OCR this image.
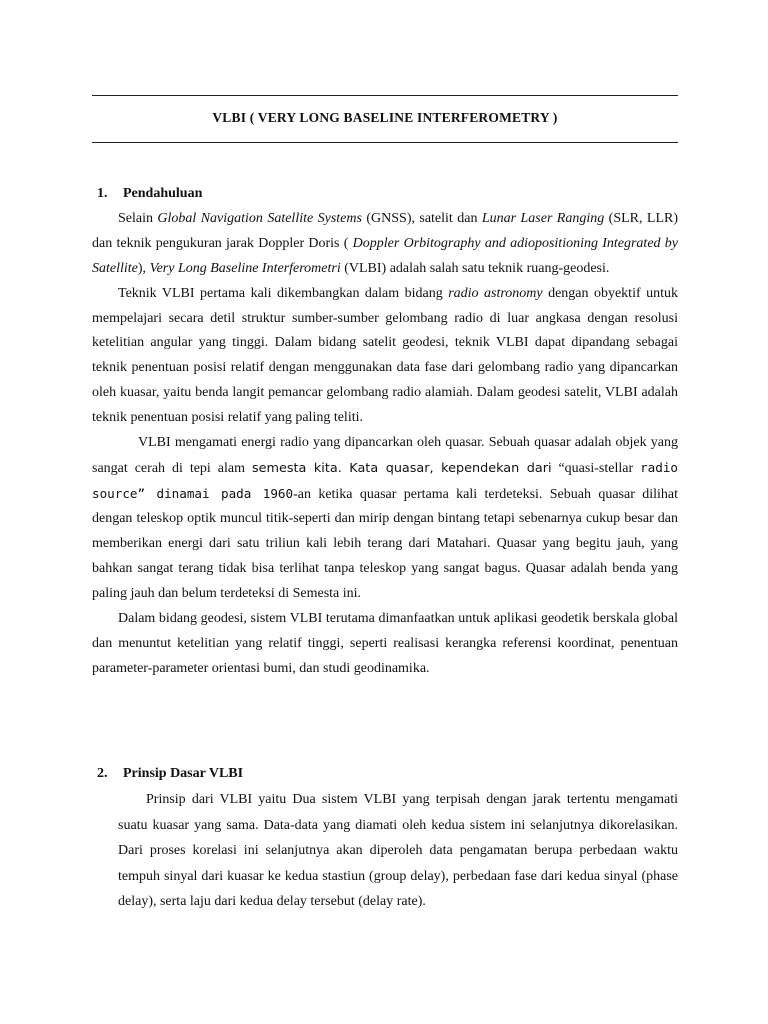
VLBI ( VERY LONG BASELINE INTERFEROMETRY )
1. Pendahuluan

Selain Global Navigation Satellite Systems (GNSS), satelit dan Lunar Laser Ranging (SLR, LLR) dan teknik pengukuran jarak Doppler Doris ( Doppler Orbitography and adiopositioning Integrated by Satellite), Very Long Baseline Interferometri (VLBI) adalah salah satu teknik ruang-geodesi.

Teknik VLBI pertama kali dikembangkan dalam bidang radio astronomy dengan obyektif untuk mempelajari secara detil struktur sumber-sumber gelombang radio di luar angkasa dengan resolusi ketelitian angular yang tinggi. Dalam bidang satelit geodesi, teknik VLBI dapat dipandang sebagai teknik penentuan posisi relatif dengan menggunakan data fase dari gelombang radio yang dipancarkan oleh kuasar, yaitu benda langit pemancar gelombang radio alamiah. Dalam geodesi satelit, VLBI adalah teknik penentuan posisi relatif yang paling teliti.

VLBI mengamati energi radio yang dipancarkan oleh quasar. Sebuah quasar adalah objek yang sangat cerah di tepi alam semesta kita. Kata quasar, kependekan dari “quasi-stellar radio source” dinamai pada 1960-an ketika quasar pertama kali terdeteksi. Sebuah quasar dilihat dengan teleskop optik muncul titik-seperti dan mirip dengan bintang tetapi sebenarnya cukup besar dan memberikan energi dari satu triliun kali lebih terang dari Matahari. Quasar yang begitu jauh, yang bahkan sangat terang tidak bisa terlihat tanpa teleskop yang sangat bagus. Quasar adalah benda yang paling jauh dan belum terdeteksi di Semesta ini.

Dalam bidang geodesi, sistem VLBI terutama dimanfaatkan untuk aplikasi geodetik berskala global dan menuntut ketelitian yang relatif tinggi, seperti realisasi kerangka referensi koordinat, penentuan parameter-parameter orientasi bumi, dan studi geodinamika.

2. Prinsip Dasar VLBI

Prinsip dari VLBI yaitu Dua sistem VLBI yang terpisah dengan jarak tertentu mengamati suatu kuasar yang sama. Data-data yang diamati oleh kedua sistem ini selanjutnya dikorelasikan. Dari proses korelasi ini selanjutnya akan diperoleh data pengamatan berupa perbedaan waktu tempuh sinyal dari kuasar ke kedua stastiun (group delay), perbedaan fase dari kedua sinyal (phase delay), serta laju dari kedua delay tersebut (delay rate).
